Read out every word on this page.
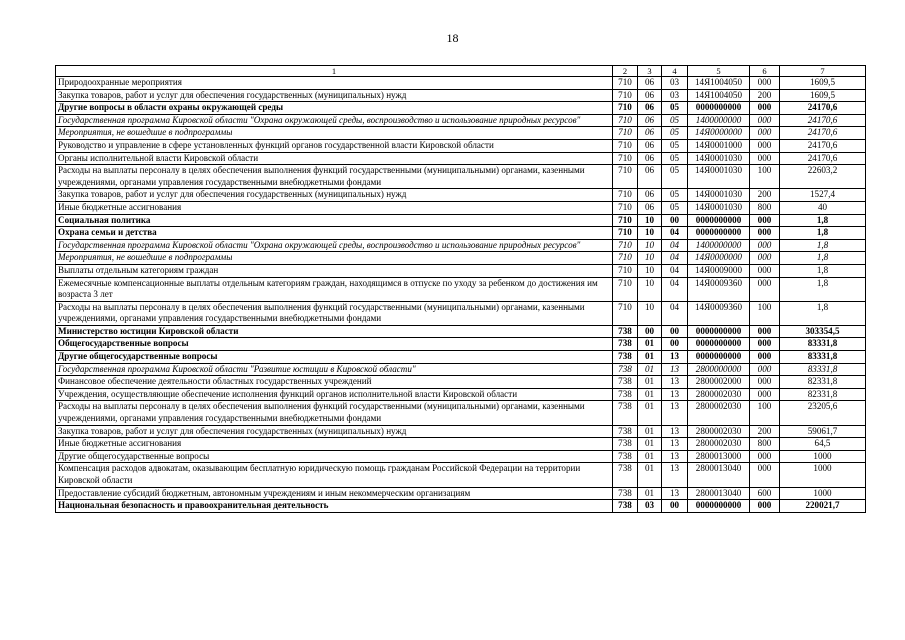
18
1	2	3	4	5	6	7
Природоохранные мероприятия	710	06	03	14Я1004050	000	1609,5
Закупка товаров, работ и услуг для обеспечения государственных (муниципальных) нужд	710	06	03	14Я1004050	200	1609,5
Другие вопросы в области охраны окружающей среды	710	06	05	0000000000	000	24170,6
Государственная программа Кировской области "Охрана окружающей среды, воспроизводство и использование природных ресурсов"	710	06	05	1400000000	000	24170,6
Мероприятия, не вошедшие в подпрограммы	710	06	05	14Я0000000	000	24170,6
Руководство и управление в сфере установленных функций органов государственной власти Кировской области	710	06	05	14Я0001000	000	24170,6
Органы исполнительной власти Кировской области	710	06	05	14Я0001030	000	24170,6
Расходы на выплаты персоналу в целях обеспечения выполнения функций государственными (муниципальными) органами, казенными учреждениями, органами управления государственными внебюджетными фондами	710	06	05	14Я0001030	100	22603,2
Закупка товаров, работ и услуг для обеспечения государственных (муниципальных) нужд	710	06	05	14Я0001030	200	1527,4
Иные бюджетные ассигнования	710	06	05	14Я0001030	800	40
Социальная политика	710	10	00	0000000000	000	1,8
Охрана семьи и детства	710	10	04	0000000000	000	1,8
Государственная программа Кировской области "Охрана окружающей среды, воспроизводство и использование природных ресурсов"	710	10	04	1400000000	000	1,8
Мероприятия, не вошедшие в подпрограммы	710	10	04	14Я0000000	000	1,8
Выплаты отдельным категориям граждан	710	10	04	14Я0009000	000	1,8
Ежемесячные компенсационные выплаты отдельным категориям граждан, находящимся в отпуске по уходу за ребенком до достижения им возраста 3 лет	710	10	04	14Я0009360	000	1,8
Расходы на выплаты персоналу в целях обеспечения выполнения функций государственными (муниципальными) органами, казенными учреждениями, органами управления государственными внебюджетными фондами	710	10	04	14Я0009360	100	1,8
Министерство юстиции Кировской области	738	00	00	0000000000	000	303354,5
Общегосударственные вопросы	738	01	00	0000000000	000	83331,8
Другие общегосударственные вопросы	738	01	13	0000000000	000	83331,8
Государственная программа Кировской области "Развитие юстиции в Кировской области"	738	01	13	2800000000	000	83331,8
Финансовое обеспечение деятельности областных государственных учреждений	738	01	13	2800002000	000	82331,8
Учреждения, осуществляющие обеспечение исполнения функций органов исполнительной власти Кировской области	738	01	13	2800002030	000	82331,8
Расходы на выплаты персоналу в целях обеспечения выполнения функций государственными (муниципальными) органами, казенными учреждениями, органами управления государственными внебюджетными фондами	738	01	13	2800002030	100	23205,6
Закупка товаров, работ и услуг для обеспечения государственных (муниципальных) нужд	738	01	13	2800002030	200	59061,7
Иные бюджетные ассигнования	738	01	13	2800002030	800	64,5
Другие общегосударственные вопросы	738	01	13	2800013000	000	1000
Компенсация расходов адвокатам, оказывающим бесплатную юридическую помощь гражданам Российской Федерации на территории Кировской области	738	01	13	2800013040	000	1000
Предоставление субсидий бюджетным, автономным учреждениям и иным некоммерческим организациям	738	01	13	2800013040	600	1000
Национальная безопасность и правоохранительная деятельность	738	03	00	0000000000	000	220021,7
